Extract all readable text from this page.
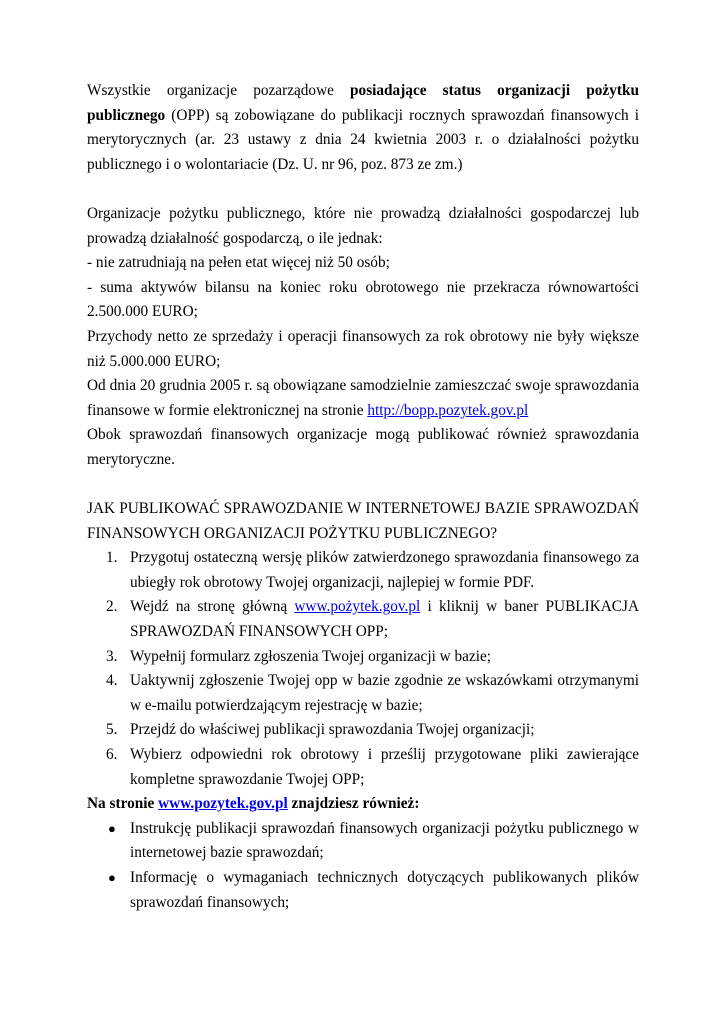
Wszystkie organizacje pozarządowe posiadające status organizacji pożytku publicznego (OPP) są zobowiązane do publikacji rocznych sprawozdań finansowych i merytorycznych (ar. 23 ustawy z dnia 24 kwietnia 2003 r. o działalności pożytku publicznego i o wolontariacie (Dz. U. nr 96, poz. 873 ze zm.)

Organizacje pożytku publicznego, które nie prowadzą działalności gospodarczej lub prowadzą działalność gospodarczą, o ile jednak:

- nie zatrudniają na pełen etat więcej niż 50 osób;

- suma aktywów bilansu na koniec roku obrotowego nie przekracza równowartości 2.500.000 EURO;

Przychody netto ze sprzedaży i operacji finansowych za rok obrotowy nie były większe niż 5.000.000 EURO;

Od dnia 20 grudnia 2005 r. są obowiązane samodzielnie zamieszczać swoje sprawozdania finansowe w formie elektronicznej na stronie http://bopp.pozytek.gov.pl

Obok sprawozdań finansowych organizacje mogą publikować również sprawozdania merytoryczne.

JAK PUBLIKOWAĆ SPRAWOZDANIE W INTERNETOWEJ BAZIE SPRAWOZDAŃ FINANSOWYCH ORGANIZACJI POŻYTKU PUBLICZNEGO?

1. Przygotuj ostateczną wersję plików zatwierdzonego sprawozdania finansowego za ubiegły rok obrotowy Twojej organizacji, najlepiej w formie PDF.
2. Wejdź na stronę główną www.pożytek.gov.pl i kliknij w baner PUBLIKACJA SPRAWOZDAŃ FINANSOWYCH OPP;
3. Wypełnij formularz zgłoszenia Twojej organizacji w bazie;
4. Uaktywnij zgłoszenie Twojej opp w bazie zgodnie ze wskazówkami otrzymanymi w e-mailu potwierdzającym rejestrację w bazie;
5. Przejdź do właściwej publikacji sprawozdania Twojej organizacji;
6. Wybierz odpowiedni rok obrotowy i prześlij przygotowane pliki zawierające kompletne sprawozdanie Twojej OPP;

Na stronie www.pozytek.gov.pl znajdziesz również:

● Instrukcję publikacji sprawozdań finansowych organizacji pożytku publicznego w internetowej bazie sprawozdań;
● Informację o wymaganiach technicznych dotyczących publikowanych plików sprawozdań finansowych;
